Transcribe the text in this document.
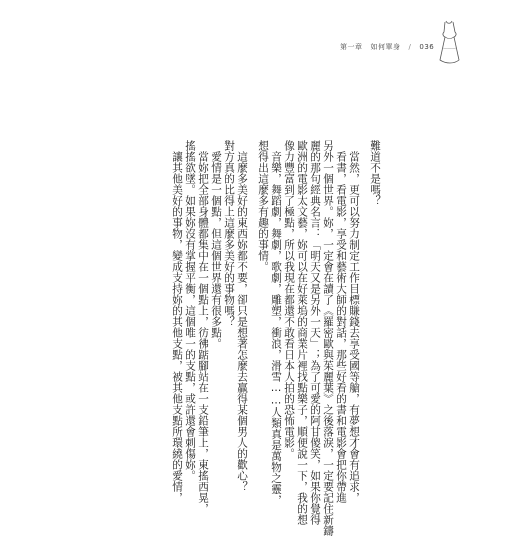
第一章 如何單身 / 036
難道不是嗎？
　當然，更可以努力制定工作目標賺錢去享受國等艙，有夢想才會有追求，
　看書，看電影，享受和藝術大師的對話，那些好看的書和電影會把你帶進
另外一個世界。妳，一定會在讀了《羅密歐與茱麗葉》之後落淚，一定要記住新鑄
麗的那句經典名言：「明天又是另外一天」；為了可愛的阿甘傻笑，如果你覺得
歐洲的電影太文藝，妳可以在好萊塢的商業片裡找點樂子，順便說一下，我的想
像力豐富到了極點，所以我現在都還不敢看日本人拍的恐怖電影。
　音樂，舞蹈劇，舞劇，歌劇，雕塑，衝浪，滑雪……人類真是萬物之靈，
想得出這麼多有趣的事情。
　這麼多美好的東西妳都不要，卻只是想著怎麼去贏得某個男人的歡心？
對方真的比得上這麼多美好的事物嗎？
　愛情是一個點，但這個世界還有很多點。
　當妳把全部身體都集中在一個點上，彷彿踮腳站在一支鉛筆上，東搖西晃，
搖搖欲墜。如果妳沒有掌握平衡，這個唯一的支點，或許還會刺傷妳。
　讓其他美好的事物，變成支持妳的其他支點，被其他支點所環繞的愛情，
